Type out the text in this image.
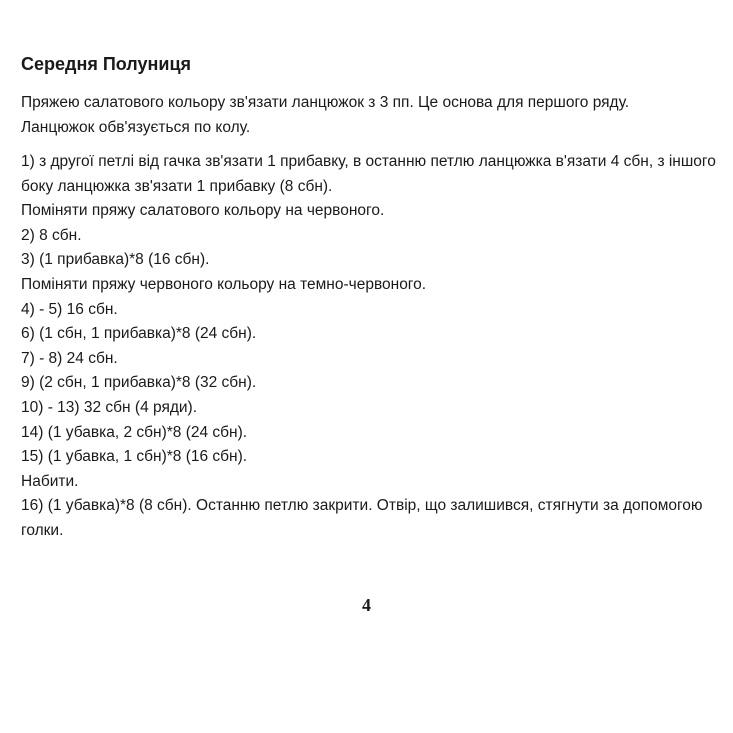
Середня Полуниця

Пряжею салатового кольору зв'язати ланцюжок з 3 пп. Це основа для першого ряду. Ланцюжок обв'язується по колу.

1) з другої петлі від гачка зв'язати 1 прибавку, в останню петлю ланцюжка в'язати 4 сбн, з іншого боку ланцюжка зв'язати 1 прибавку (8 сбн).
Поміняти пряжу салатового кольору на червоного.
2) 8 сбн.
3) (1 прибавка)*8 (16 сбн).
Поміняти пряжу червоного кольору на темно-червоного.
4) - 5) 16 сбн.
6) (1 сбн, 1 прибавка)*8 (24 сбн).
7) - 8) 24 сбн.
9) (2 сбн, 1 прибавка)*8 (32 сбн).
10) - 13) 32 сбн (4 ряди).
14) (1 убавка, 2 сбн)*8 (24 сбн).
15) (1 убавка, 1 сбн)*8 (16 сбн).
Набити.
16) (1 убавка)*8 (8 сбн). Останню петлю закрити. Отвір, що залишився, стягнути за допомогою голки.
4
